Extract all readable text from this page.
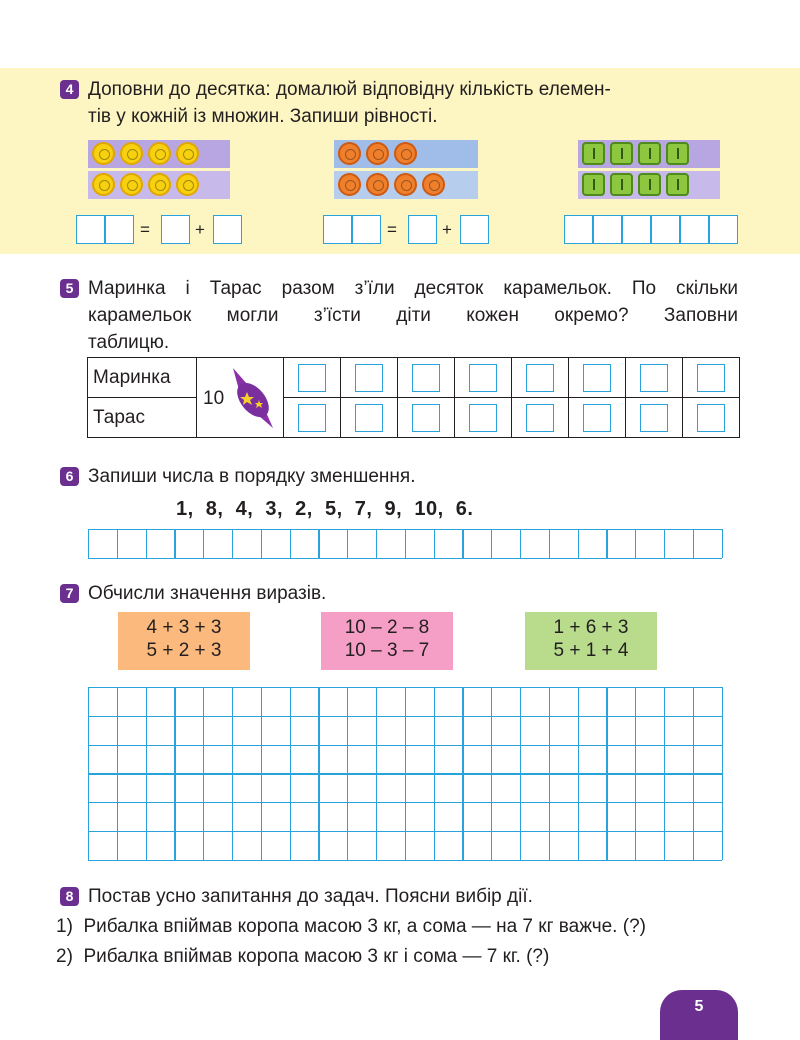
4 Доповни до десятка: домалюй відповідну кількість елемен-
тів у кожній із множин. Запиши рівності.
=	+	=	+
5 Маринка і Тарас разом з’їли десяток карамельок. По скільки
карамельок могли з’їсти діти кожен окремо? Заповни
таблицю.
Маринка	10								

Тарас		

6 Запиши числа в порядку зменшення.
1,  8,  4,  3,  2,  5,  7,  9,  10,  6.
7 Обчисли значення виразів.
4 + 3 + 3
5 + 2 + 3
10 – 2 – 8
10 – 3 – 7
1 + 6 + 3
5 + 1 + 4
8 Постав усно запитання до задач. Поясни вибір дії.
1)  Рибалка впіймав коропа масою 3 кг, а сома — на 7 кг важче. (?)
2)  Рибалка впіймав коропа масою 3 кг і сома — 7 кг. (?)
5
